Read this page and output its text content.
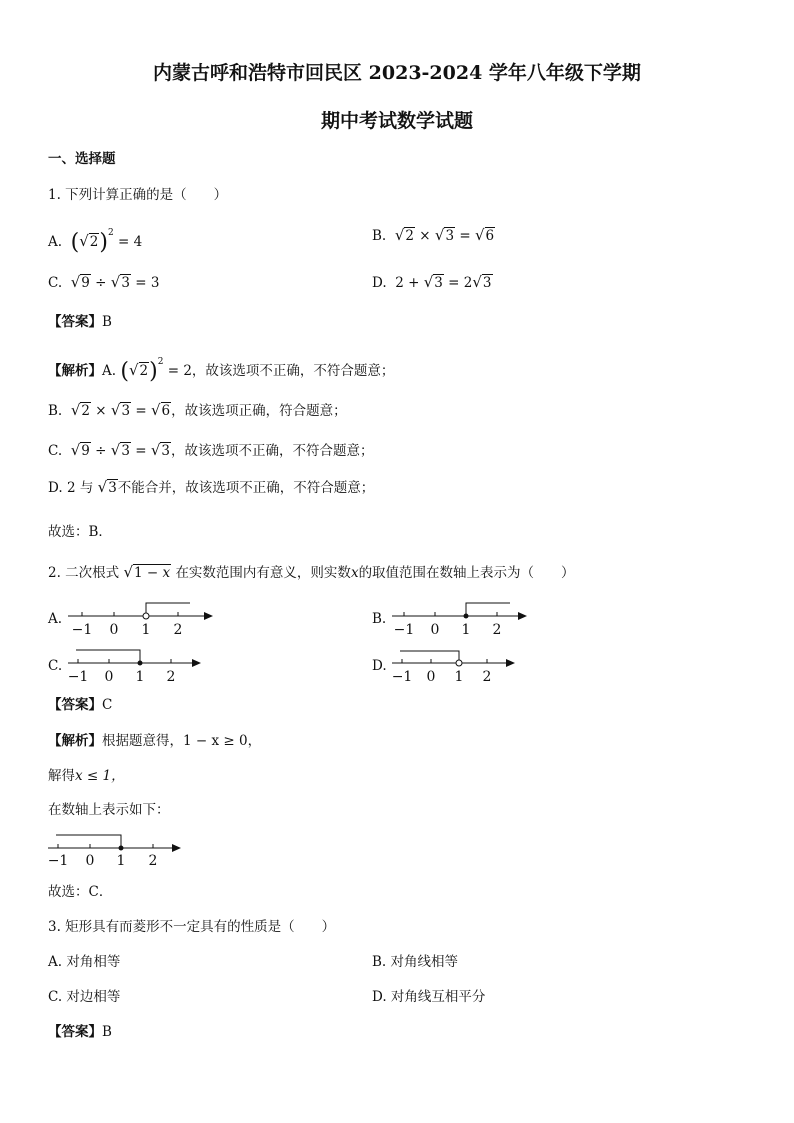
内蒙古呼和浩特市回民区 2023-2024 学年八年级下学期
期中考试数学试题
一、选择题
1. 下列计算正确的是（　　）
A. $(√2)^2 = 4$	B. √2 × √3 = √6
C. √9 ÷ √3 = 3	D. 2 + √3 = 2√3
【答案】B
【解析】A. $(√2)^2 = 2$，故该选项不正确，不符合题意；
B. √2 × √3 = √6，故该选项正确，符合题意；
C. √9 ÷ √3 = √3，故该选项不正确，不符合题意；
D. 2 与 √3不能合并，故该选项不正确，不符合题意；
故选：B．
2. 二次根式 √1 − x 在实数范围内有意义，则实数x的取值范围在数轴上表示为（　　）
A.
−1 0 1 2
B.
−1 0 1 2
C.
−1 0 1 2
D.
−1 0 1 2
【答案】C
【解析】根据题意得，1 − x ≥ 0，
解得x ≤ 1，
在数轴上表示如下：
−1 0 1 2
故选：C．
3. 矩形具有而菱形不一定具有的性质是（　　）
A. 对角相等	B. 对角线相等
C. 对边相等	D. 对角线互相平分
【答案】B
